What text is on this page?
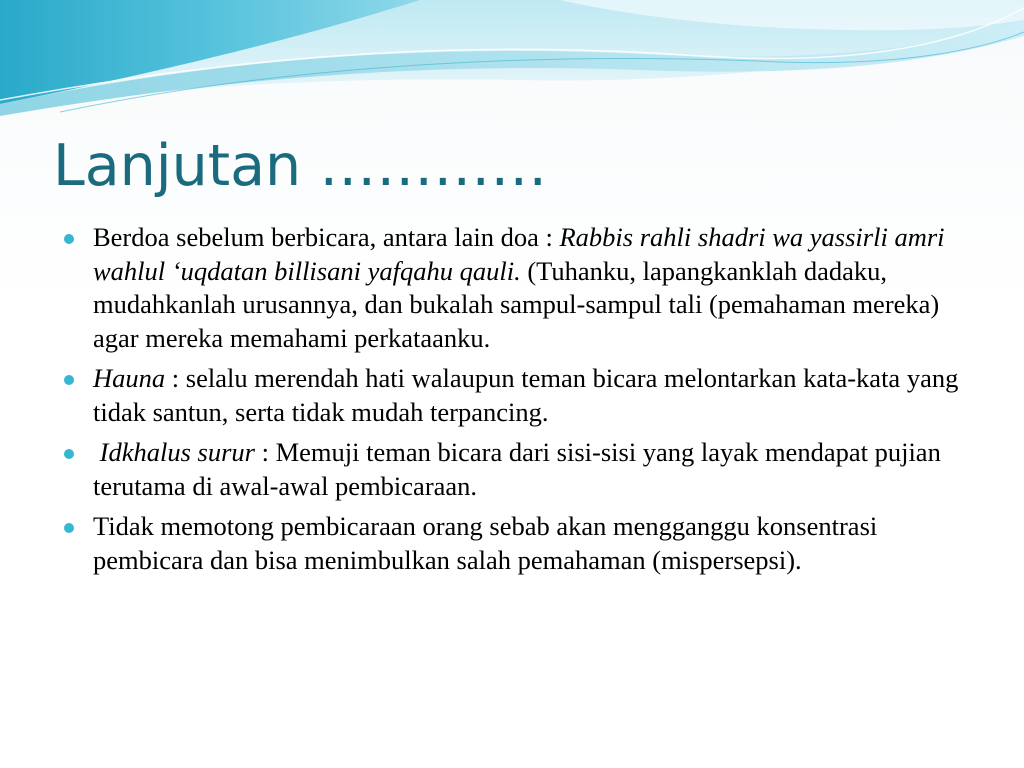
Lanjutan …………
Berdoa sebelum berbicara, antara lain doa : Rabbis rahli shadri wa yassirli amri wahlul ‘uqdatan billisani yafqahu qauli. (Tuhanku, lapangkanklah dadaku, mudahkanlah urusannya, dan bukalah sampul-sampul tali (pemahaman mereka) agar mereka memahami perkataanku.
Hauna : selalu merendah hati walaupun teman bicara melontarkan kata-kata yang tidak santun, serta tidak mudah terpancing.
Idkhalus surur : Memuji teman bicara dari sisi-sisi yang layak mendapat pujian terutama di awal-awal pembicaraan.
Tidak memotong pembicaraan orang sebab akan mengganggu konsentrasi pembicara dan bisa menimbulkan salah pemahaman (mispersepsi).
